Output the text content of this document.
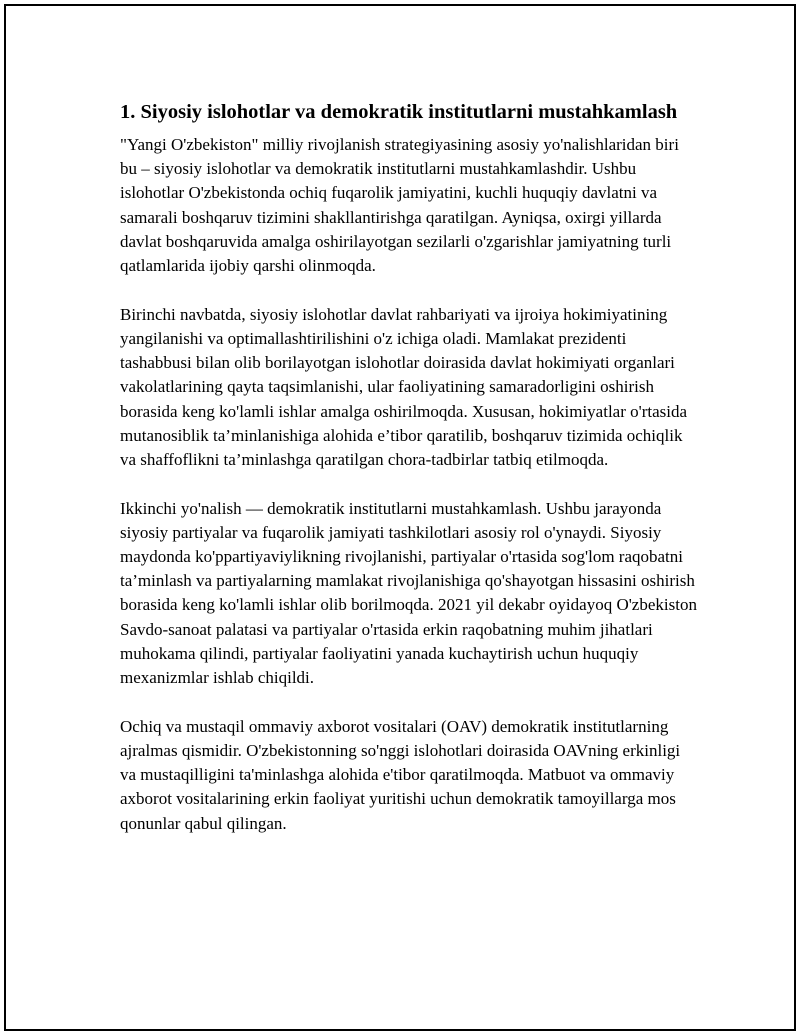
1. Siyosiy islohotlar va demokratik institutlarni mustahkamlash

"Yangi O'zbekiston" milliy rivojlanish strategiyasining asosiy yo'nalishlaridan biri bu – siyosiy islohotlar va demokratik institutlarni mustahkamlashdir. Ushbu islohotlar O'zbekistonda ochiq fuqarolik jamiyatini, kuchli huquqiy davlatni va samarali boshqaruv tizimini shakllantirishga qaratilgan. Ayniqsa, oxirgi yillarda davlat boshqaruvida amalga oshirilayotgan sezilarli o'zgarishlar jamiyatning turli qatlamlarida ijobiy qarshi olinmoqda.

Birinchi navbatda, siyosiy islohotlar davlat rahbariyati va ijroiya hokimiyatining yangilanishi va optimallashtirilishini o'z ichiga oladi. Mamlakat prezidenti tashabbusi bilan olib borilayotgan islohotlar doirasida davlat hokimiyati organlari vakolatlarining qayta taqsimlanishi, ular faoliyatining samaradorligini oshirish borasida keng ko'lamli ishlar amalga oshirilmoqda. Xususan, hokimiyatlar o'rtasida mutanosiblik ta’minlanishiga alohida e’tibor qaratilib, boshqaruv tizimida ochiqlik va shaffoflikni ta’minlashga qaratilgan chora-tadbirlar tatbiq etilmoqda.

Ikkinchi yo'nalish — demokratik institutlarni mustahkamlash. Ushbu jarayonda siyosiy partiyalar va fuqarolik jamiyati tashkilotlari asosiy rol o'ynaydi. Siyosiy maydonda ko'ppartiyaviylikning rivojlanishi, partiyalar o'rtasida sog'lom raqobatni ta’minlash va partiyalarning mamlakat rivojlanishiga qo'shayotgan hissasini oshirish borasida keng ko'lamli ishlar olib borilmoqda. 2021 yil dekabr oyidayoq O'zbekiston Savdo-sanoat palatasi va partiyalar o'rtasida erkin raqobatning muhim jihatlari muhokama qilindi, partiyalar faoliyatini yanada kuchaytirish uchun huquqiy mexanizmlar ishlab chiqildi.

Ochiq va mustaqil ommaviy axborot vositalari (OAV) demokratik institutlarning ajralmas qismidir. O'zbekistonning so'nggi islohotlari doirasida OAVning erkinligi va mustaqilligini ta'minlashga alohida e'tibor qaratilmoqda. Matbuot va ommaviy axborot vositalarining erkin faoliyat yuritishi uchun demokratik tamoyillarga mos qonunlar qabul qilingan.
